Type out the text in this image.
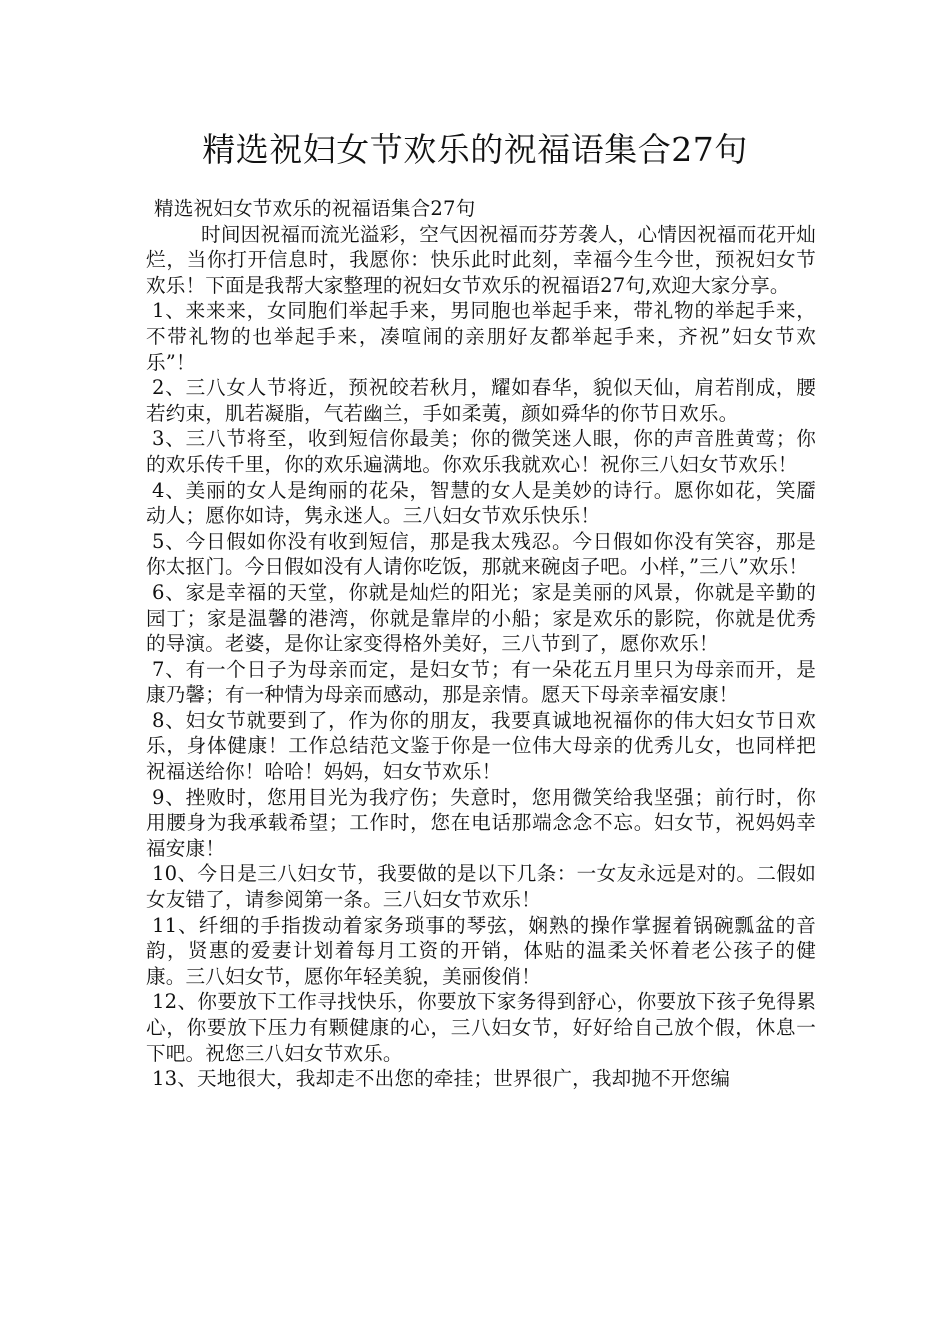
精选祝妇女节欢乐的祝福语集合27句

精选祝妇女节欢乐的祝福语集合27句

时间因祝福而流光溢彩，空气因祝福而芬芳袭人，心情因祝福而花开灿烂，当你打开信息时，我愿你：快乐此时此刻，幸福今生今世，预祝妇女节欢乐！下面是我帮大家整理的祝妇女节欢乐的祝福语27句,欢迎大家分享。

1、来来来，女同胞们举起手来，男同胞也举起手来，带礼物的举起手来，不带礼物的也举起手来，凑喧闹的亲朋好友都举起手来，齐祝”妇女节欢乐”！

2、三八女人节将近，预祝皎若秋月，耀如春华，貌似天仙，肩若削成，腰若约束，肌若凝脂，气若幽兰，手如柔荑，颜如舜华的你节日欢乐。

3、三八节将至，收到短信你最美；你的微笑迷人眼，你的声音胜黄莺；你的欢乐传千里，你的欢乐遍满地。你欢乐我就欢心！祝你三八妇女节欢乐！

4、美丽的女人是绚丽的花朵，智慧的女人是美妙的诗行。愿你如花，笑靥动人；愿你如诗，隽永迷人。三八妇女节欢乐快乐！

5、今日假如你没有收到短信，那是我太残忍。今日假如你没有笑容，那是你太抠门。今日假如没有人请你吃饭，那就来碗卤子吧。小样，”三八”欢乐！

6、家是幸福的天堂，你就是灿烂的阳光；家是美丽的风景，你就是辛勤的园丁；家是温馨的港湾，你就是靠岸的小船；家是欢乐的影院，你就是优秀的导演。老婆，是你让家变得格外美好，三八节到了，愿你欢乐！

7、有一个日子为母亲而定，是妇女节；有一朵花五月里只为母亲而开，是康乃馨；有一种情为母亲而感动，那是亲情。愿天下母亲幸福安康！

8、妇女节就要到了，作为你的朋友，我要真诚地祝福你的伟大妇女节日欢乐，身体健康！工作总结范文鉴于你是一位伟大母亲的优秀儿女，也同样把祝福送给你！哈哈！妈妈，妇女节欢乐！

9、挫败时，您用目光为我疗伤；失意时，您用微笑给我坚强；前行时，你用腰身为我承载希望；工作时，您在电话那端念念不忘。妇女节，祝妈妈幸福安康！

10、今日是三八妇女节，我要做的是以下几条：一女友永远是对的。二假如女友错了，请参阅第一条。三八妇女节欢乐！

11、纤细的手指拨动着家务琐事的琴弦，娴熟的操作掌握着锅碗瓢盆的音韵，贤惠的爱妻计划着每月工资的开销，体贴的温柔关怀着老公孩子的健康。三八妇女节，愿你年轻美貌，美丽俊俏！

12、你要放下工作寻找快乐，你要放下家务得到舒心，你要放下孩子免得累心，你要放下压力有颗健康的心，三八妇女节，好好给自己放个假，休息一下吧。祝您三八妇女节欢乐。

13、天地很大，我却走不出您的牵挂；世界很广，我却抛不开您编
